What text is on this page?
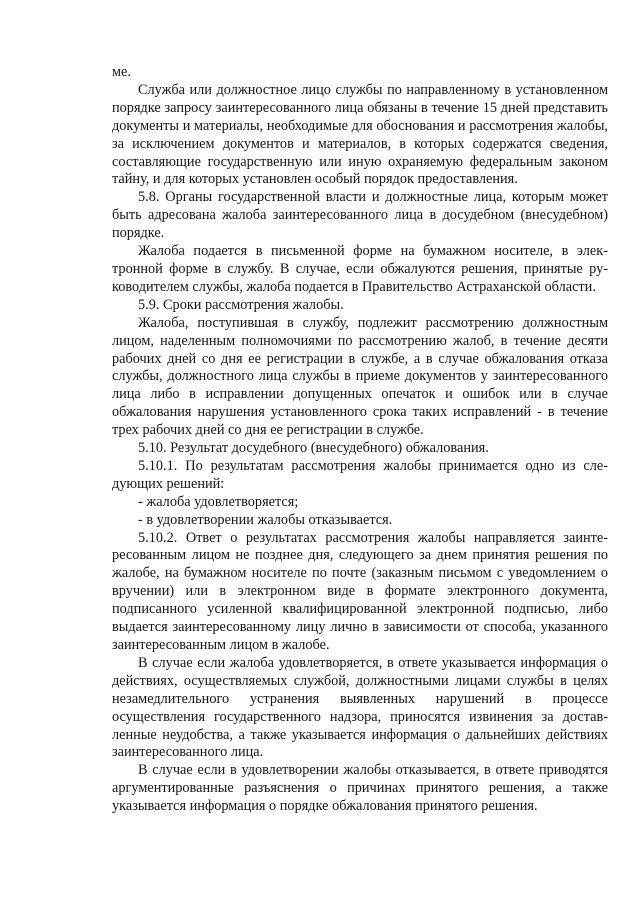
ме.

Служба или должностное лицо службы по направленному в установленном порядке запросу заинтересованного лица обязаны в течение 15 дней представить документы и материалы, необходимые для обоснования и рассмотрения жалобы, за исключением документов и материалов, в которых содержатся сведения, составляющие государственную или иную охраняемую федеральным законом тайну, и для которых установлен особый порядок предоставления.

5.8. Органы государственной власти и должностные лица, которым может быть адресована жалоба заинтересованного лица в досудебном (внесудебном) порядке.

Жалоба подается в письменной форме на бумажном носителе, в электронной форме в службу. В случае, если обжалуются решения, принятые руководителем службы, жалоба подается в Правительство Астраханской области.

5.9. Сроки рассмотрения жалобы.

Жалоба, поступившая в службу, подлежит рассмотрению должностным лицом, наделенным полномочиями по рассмотрению жалоб, в течение десяти рабочих дней со дня ее регистрации в службе, а в случае обжалования отказа службы, должностного лица службы в приеме документов у заинтересованного лица либо в исправлении допущенных опечаток и ошибок или в случае обжалования нарушения установленного срока таких исправлений - в течение трех рабочих дней со дня ее регистрации в службе.

5.10. Результат досудебного (внесудебного) обжалования.

5.10.1. По результатам рассмотрения жалобы принимается одно из следующих решений:

- жалоба удовлетворяется;

- в удовлетворении жалобы отказывается.

5.10.2. Ответ о результатах рассмотрения жалобы направляется заинтересованным лицом не позднее дня, следующего за днем принятия решения по жалобе, на бумажном носителе по почте (заказным письмом с уведомлением о вручении) или в электронном виде в формате электронного документа, подписанного усиленной квалифицированной электронной подписью, либо выдается заинтересованному лицу лично в зависимости от способа, указанного заинтересованным лицом в жалобе.

В случае если жалоба удовлетворяется, в ответе указывается информация о действиях, осуществляемых службой, должностными лицами службы в целях незамедлительного устранения выявленных нарушений в процессе осуществления государственного надзора, приносятся извинения за доставленные неудобства, а также указывается информация о дальнейших действиях заинтересованного лица.

В случае если в удовлетворении жалобы отказывается, в ответе приводятся аргументированные разъяснения о причинах принятого решения, а также указывается информация о порядке обжалования принятого решения.
